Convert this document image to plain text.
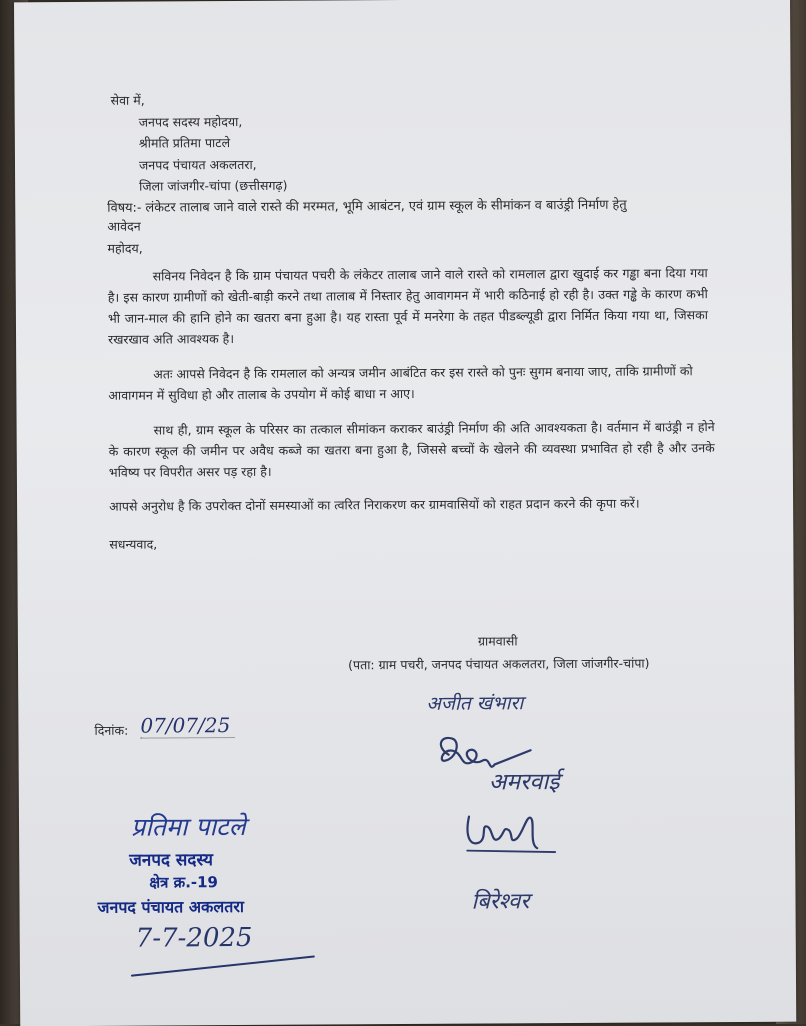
सेवा में,
जनपद सदस्य महोदया,
श्रीमति प्रतिमा पाटले
जनपद पंचायत अकलतरा,
जिला जांजगीर-चांपा (छत्तीसगढ़)
विषय:- लंकेटर तालाब जाने वाले रास्ते की मरम्मत, भूमि आबंटन, एवं ग्राम स्कूल के सीमांकन व बाउंड्री निर्माण हेतु
आवेदन
महोदय,
सविनय निवेदन है कि ग्राम पंचायत पचरी के लंकेटर तालाब जाने वाले रास्ते को रामलाल द्वारा खुदाई कर गड्ढा बना दिया गया है। इस कारण ग्रामीणों को खेती-बाड़ी करने तथा तालाब में निस्तार हेतु आवागमन में भारी कठिनाई हो रही है। उक्त गड्ढे के कारण कभी भी जान-माल की हानि होने का खतरा बना हुआ है। यह रास्ता पूर्व में मनरेगा के तहत पीडब्ल्यूडी द्वारा निर्मित किया गया था, जिसका रखरखाव अति आवश्यक है।
अतः आपसे निवेदन है कि रामलाल को अन्यत्र जमीन आबंटित कर इस रास्ते को पुनः सुगम बनाया जाए, ताकि ग्रामीणों को आवागमन में सुविधा हो और तालाब के उपयोग में कोई बाधा न आए।
साथ ही, ग्राम स्कूल के परिसर का तत्काल सीमांकन कराकर बाउंड्री निर्माण की अति आवश्यकता है। वर्तमान में बाउंड्री न होने के कारण स्कूल की जमीन पर अवैध कब्जे का खतरा बना हुआ है, जिससे बच्चों के खेलने की व्यवस्था प्रभावित हो रही है और उनके भविष्य पर विपरीत असर पड़ रहा है।
आपसे अनुरोध है कि उपरोक्त दोनों समस्याओं का त्वरित निराकरण कर ग्रामवासियों को राहत प्रदान करने की कृपा करें।
सधन्यवाद,
ग्रामवासी
(पता: ग्राम पचरी, जनपद पंचायत अकलतरा, जिला जांजगीर-चांपा)
दिनांक: 07/07/25
अजीत खंभारा
अमरवाई
बिरेश्वर
प्रतिमा पाटले
जनपद सदस्य
क्षेत्र क्र.-19
जनपद पंचायत अकलतरा
7-7-2025
